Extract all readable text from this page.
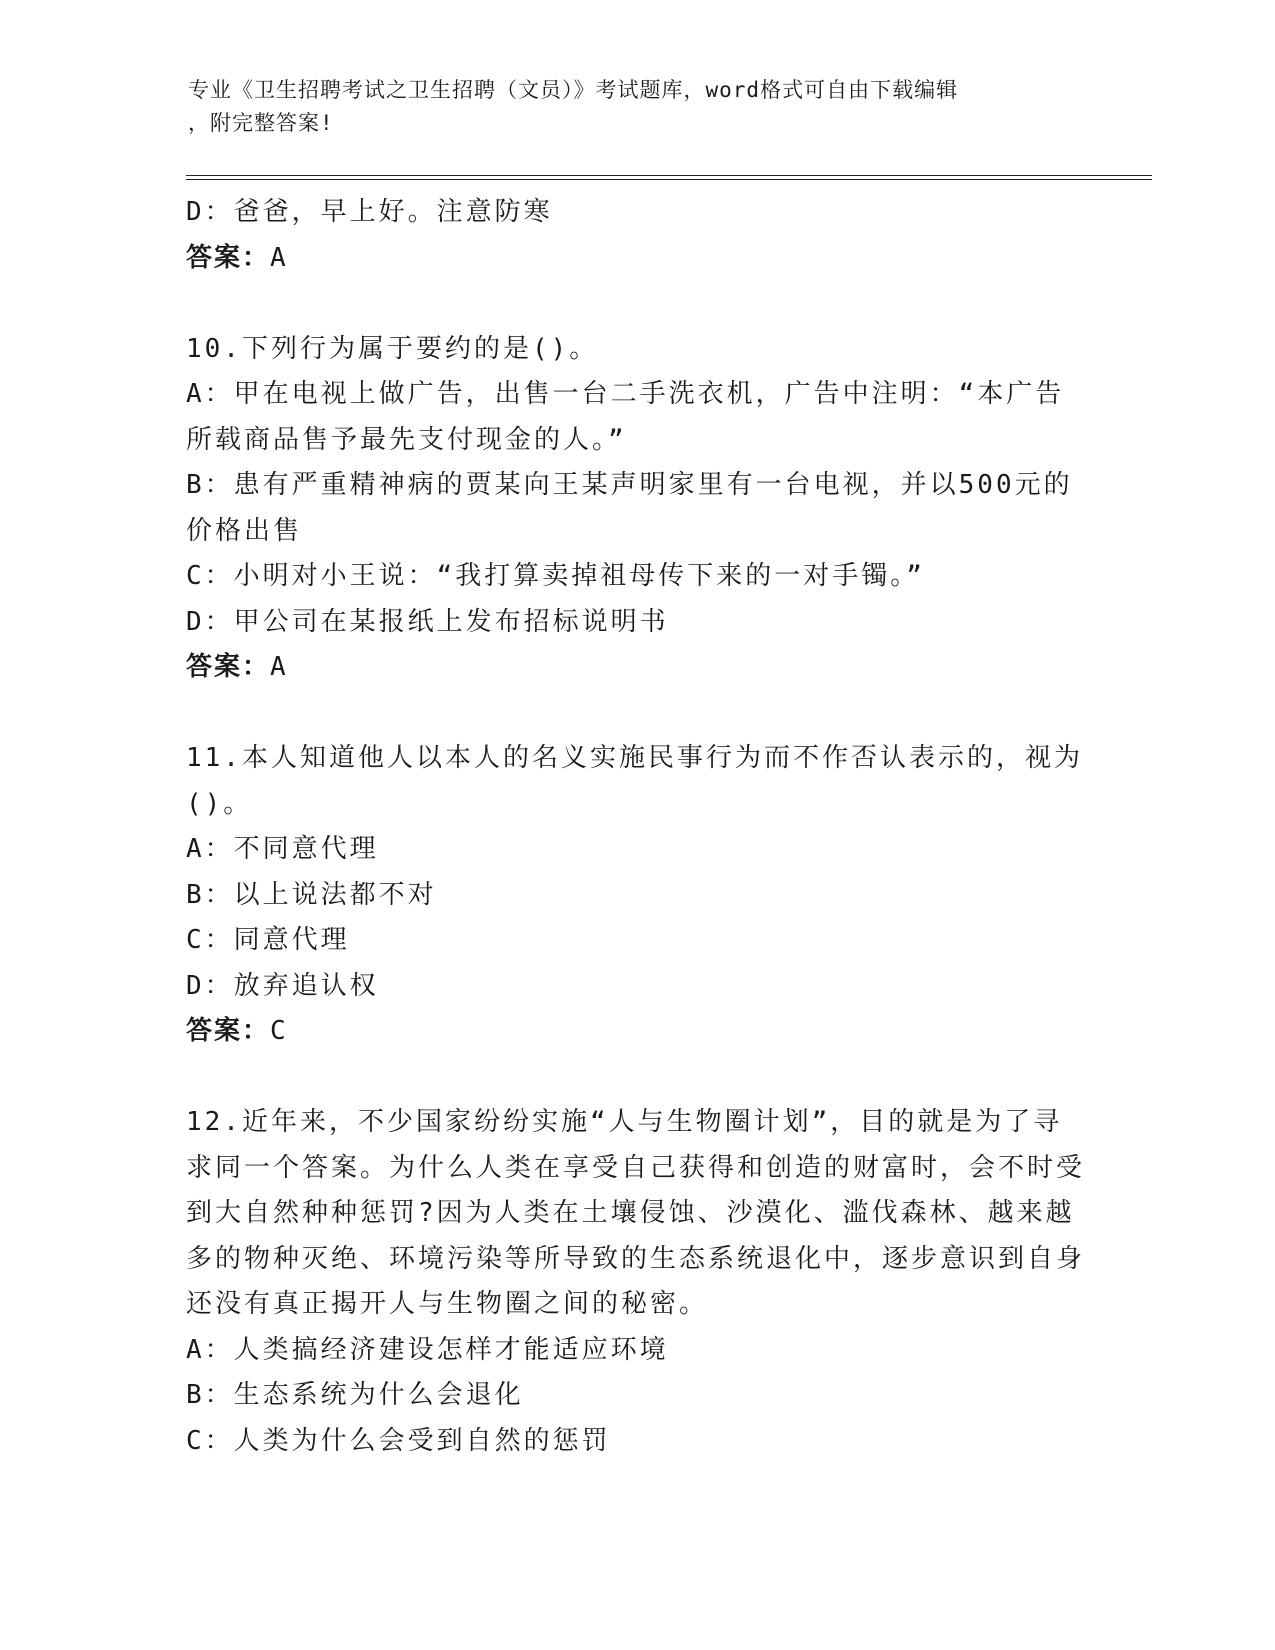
专业《卫生招聘考试之卫生招聘（文员）》考试题库，word格式可自由下载编辑
，附完整答案!
D：爸爸，早上好。注意防寒
答案：A
10.下列行为属于要约的是()。
A：甲在电视上做广告，出售一台二手洗衣机，广告中注明：“本广告所载商品售予最先支付现金的人。”
B：患有严重精神病的贾某向王某声明家里有一台电视，并以500元的价格出售
C：小明对小王说：“我打算卖掉祖母传下来的一对手镯。”
D：甲公司在某报纸上发布招标说明书
答案：A
11.本人知道他人以本人的名义实施民事行为而不作否认表示的，视为()。
A：不同意代理
B：以上说法都不对
C：同意代理
D：放弃追认权
答案：C
12.近年来，不少国家纷纷实施“人与生物圈计划”，目的就是为了寻求同一个答案。为什么人类在享受自己获得和创造的财富时，会不时受到大自然种种惩罚?因为人类在土壤侵蚀、沙漠化、滥伐森林、越来越多的物种灭绝、环境污染等所导致的生态系统退化中，逐步意识到自身还没有真正揭开人与生物圈之间的秘密。
A：人类搞经济建设怎样才能适应环境
B：生态系统为什么会退化
C：人类为什么会受到自然的惩罚
